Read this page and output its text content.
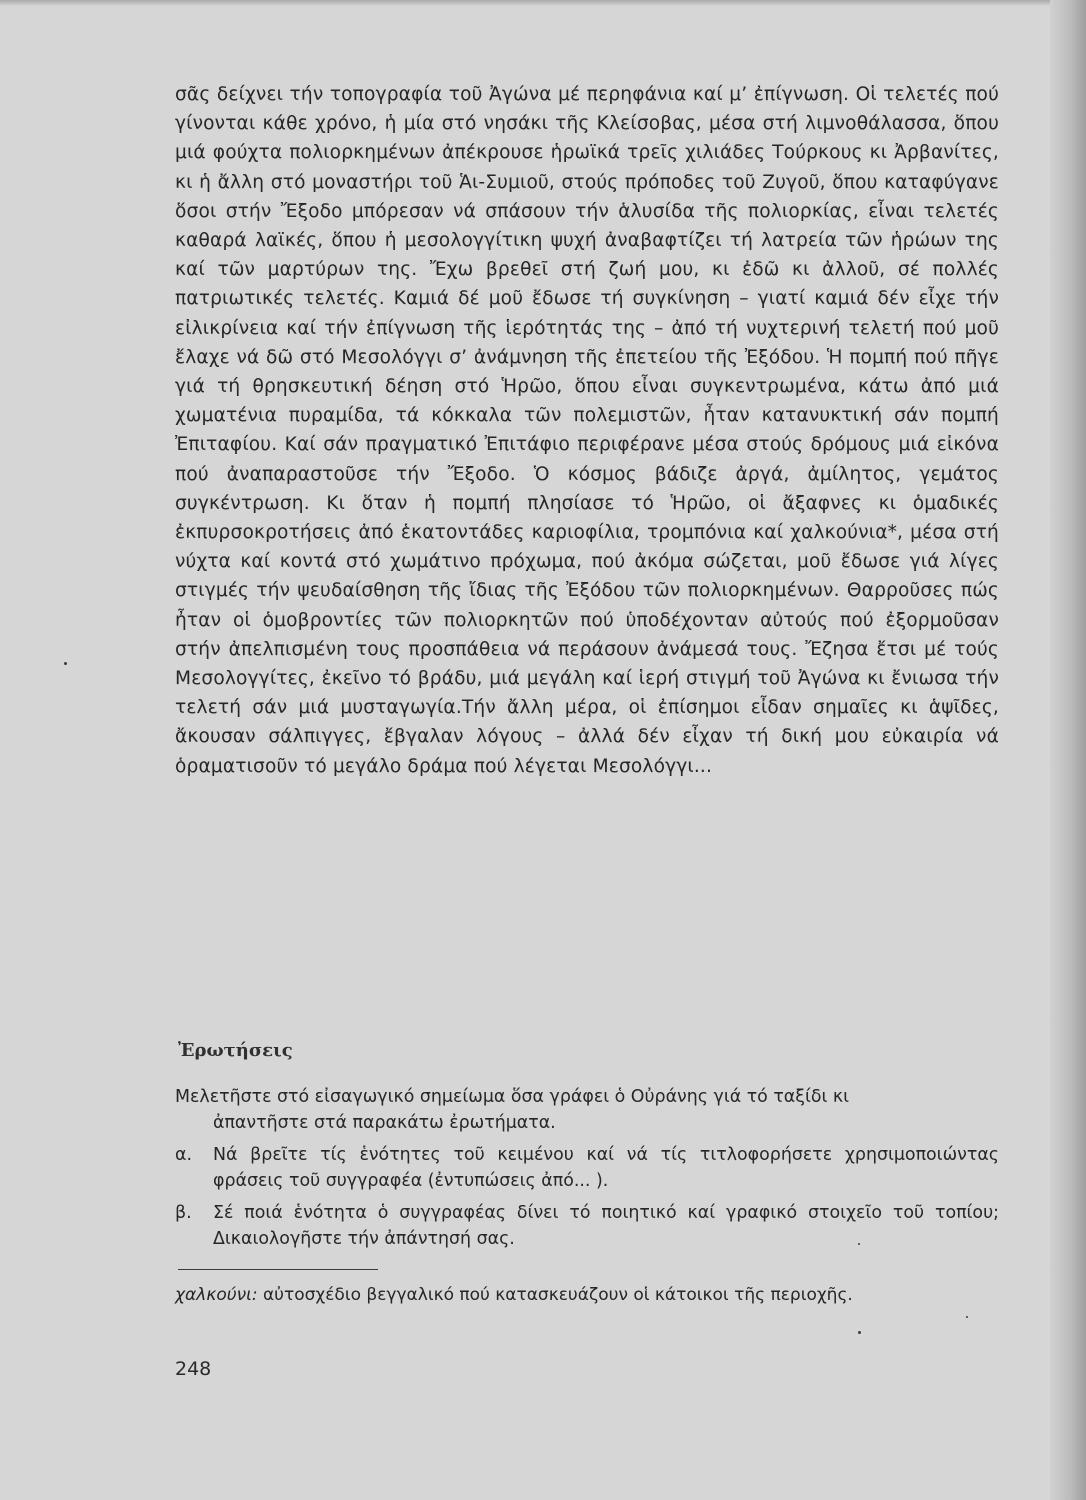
σᾶς δείχνει τήν τοπογραφία τοῦ Ἀγώνα μέ περηφάνια καί μ’ ἐπίγνωση. Οἱ τελετές πού γίνονται κάθε χρόνο, ἡ μία στό νησάκι τῆς Κλείσοβας, μέσα στή λιμνοθάλασσα, ὅπου μιά φούχτα πολιορκημένων ἀπέκρουσε ἡρωϊκά τρεῖς χιλιάδες Τούρκους κι Ἀρβανίτες, κι ἡ ἄλλη στό μοναστήρι τοῦ Ἁι-Συμιοῦ, στούς πρόποδες τοῦ Ζυγοῦ, ὅπου καταφύγανε ὅσοι στήν Ἔξοδο μπόρεσαν νά σπάσουν τήν ἁλυσίδα τῆς πολιορκίας, εἶναι τελετές καθαρά λαϊκές, ὅπου ἡ μεσολογγίτικη ψυχή ἀναβαφτίζει τή λατρεία τῶν ἡρώων της καί τῶν μαρτύρων της. Ἔχω βρεθεῖ στή ζωή μου, κι ἐδῶ κι ἀλλοῦ, σέ πολλές πατριωτικές τελετές. Καμιά δέ μοῦ ἔδωσε τή συγκίνηση – γιατί καμιά δέν εἶχε τήν εἰλικρίνεια καί τήν ἐπίγνωση τῆς ἱερότητάς της – ἀπό τή νυχτερινή τελετή πού μοῦ ἔλαχε νά δῶ στό Μεσολόγγι σ’ ἀνάμνηση τῆς ἐπετείου τῆς Ἐξόδου. Ἡ πομπή πού πῆγε γιά τή θρησκευτική δέηση στό Ἡρῶο, ὅπου εἶναι συγκεντρωμένα, κάτω ἀπό μιά χωματένια πυραμίδα, τά κόκκαλα τῶν πολεμιστῶν, ἦταν κατανυκτική σάν πομπή Ἐπιταφίου. Καί σάν πραγματικό Ἐπιτάφιο περιφέρανε μέσα στούς δρόμους μιά εἰκόνα πού ἀναπαραστοῦσε τήν Ἔξοδο. Ὁ κόσμος βάδιζε ἀργά, ἀμίλητος, γεμάτος συγκέντρωση. Κι ὅταν ἡ πομπή πλησίασε τό Ἡρῶο, οἱ ἄξαφνες κι ὁμαδικές ἐκπυρσοκροτήσεις ἀπό ἑκατοντάδες καριοφίλια, τρομπόνια καί χαλκούνια*, μέσα στή νύχτα καί κοντά στό χωμάτινο πρόχωμα, πού ἀκόμα σώζεται, μοῦ ἔδωσε γιά λίγες στιγμές τήν ψευδαίσθηση τῆς ἴδιας τῆς Ἐξόδου τῶν πολιορκημένων. Θαρροῦσες πώς ἦταν οἱ ὁμοβροντίες τῶν πολιορκητῶν πού ὑποδέχονταν αὐτούς πού ἐξορμοῦσαν στήν ἀπελπισμένη τους προσπάθεια νά περάσουν ἀνάμεσά τους. Ἔζησα ἔτσι μέ τούς Μεσολογγίτες, ἐκεῖνο τό βράδυ, μιά μεγάλη καί ἱερή στιγμή τοῦ Ἀγώνα κι ἔνιωσα τήν τελετή σάν μιά μυσταγωγία.Τήν ἄλλη μέρα, οἱ ἐπίσημοι εἶδαν σημαῖες κι ἁψῖδες, ἄκουσαν σάλπιγγες, ἔβγαλαν λόγους – ἀλλά δέν εἶχαν τή δική μου εὐκαιρία νά ὁραματισοῦν τό μεγάλο δράμα πού λέγεται Μεσολόγγι...

Ἐρωτήσεις
Μελετῆστε στό εἰσαγωγικό σημείωμα ὅσα γράφει ὁ Οὐράνης γιά τό ταξίδι κι
ἀπαντῆστε στά παρακάτω ἐρωτήματα.
α.	Νά βρεῖτε τίς ἑνότητες τοῦ κειμένου καί νά τίς τιτλοφορήσετε χρησιμοποιώντας φράσεις τοῦ συγγραφέα (ἐντυπώσεις ἀπό... ).
β.	Σέ ποιά ἑνότητα ὁ συγγραφέας δίνει τό ποιητικό καί γραφικό στοιχεῖο τοῦ τοπίου; Δικαιολογῆστε τήν ἀπάντησή σας.
χαλκούνι: αὐτοσχέδιο βεγγαλικό πού κατασκευάζουν οἱ κάτοικοι τῆς περιοχῆς.
248
